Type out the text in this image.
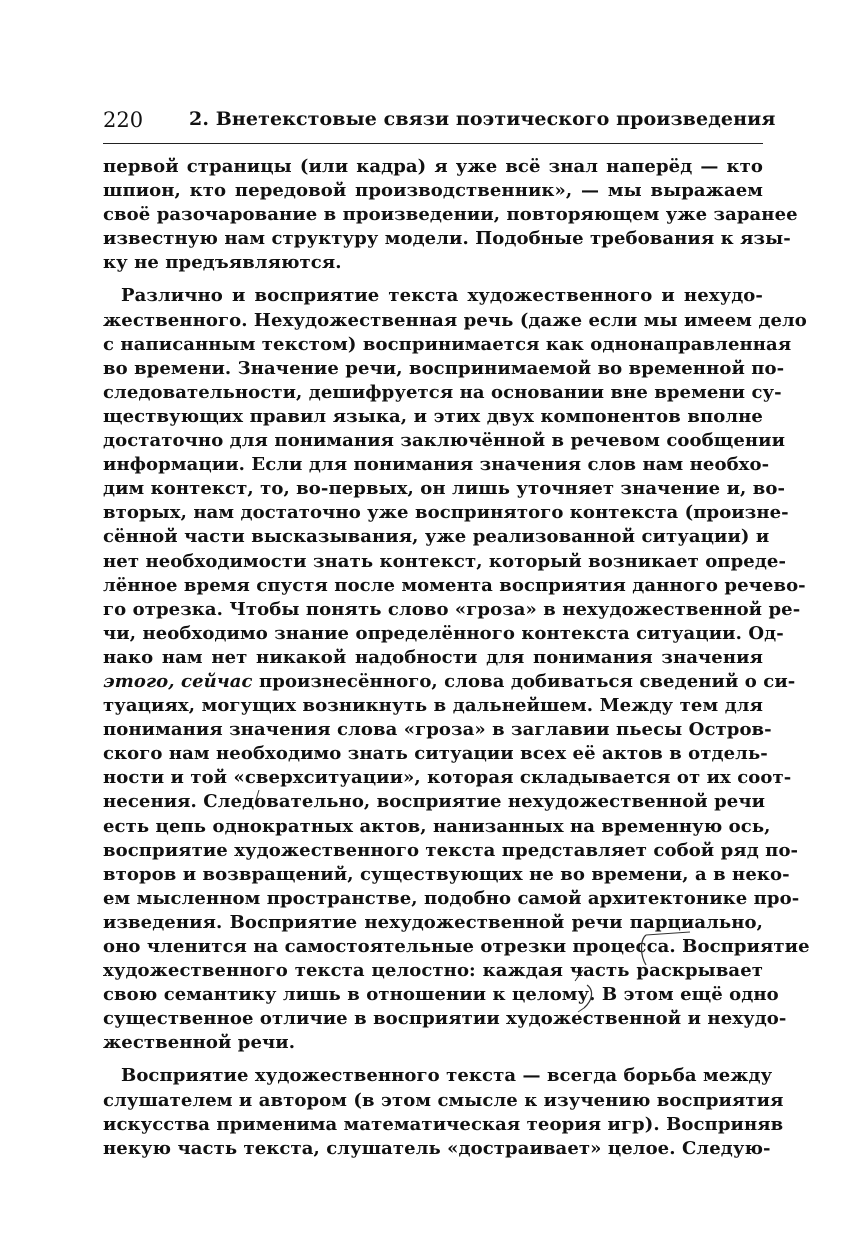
220 2. Внетекстовые связи поэтического произведения
первой страницы (или кадра) я уже всё знал наперёд — кто
шпион, кто передовой производственник», — мы выражаем
своё разочарование в произведении, повторяющем уже заранее
известную нам структуру модели. Подобные требования к язы-
ку не предъявляются.
Различно и восприятие текста художественного и нехудо-
жественного. Нехудожественная речь (даже если мы имеем дело
с написанным текстом) воспринимается как однонаправленная
во времени. Значение речи, воспринимаемой во временной по-
следовательности, дешифруется на основании вне времени су-
ществующих правил языка, и этих двух компонентов вполне
достаточно для понимания заключённой в речевом сообщении
информации. Если для понимания значения слов нам необхо-
дим контекст, то, во-первых, он лишь уточняет значение и, во-
вторых, нам достаточно уже воспринятого контекста (произне-
сённой части высказывания, уже реализованной ситуации) и
нет необходимости знать контекст, который возникает опреде-
лённое время спустя после момента восприятия данного речево-
го отрезка. Чтобы понять слово «гроза» в нехудожественной ре-
чи, необходимо знание определённого контекста ситуации. Од-
нако нам нет никакой надобности для понимания значения
этого, сейчас произнесённого, слова добиваться сведений о си-
туациях, могущих возникнуть в дальнейшем. Между тем для
понимания значения слова «гроза» в заглавии пьесы Остров-
ского нам необходимо знать ситуации всех её актов в отдель-
ности и той «сверхситуации», которая складывается от их соот-
несения. Следовательно, восприятие нехудожественной речи
есть цепь однократных актов, нанизанных на временную ось,
восприятие художественного текста представляет собой ряд по-
второв и возвращений, существующих не во времени, а в неко-
ем мысленном пространстве, подобно самой архитектонике про-
изведения. Восприятие нехудожественной речи парциально,
оно членится на самостоятельные отрезки процесса. Восприятие
художественного текста целостно: каждая часть раскрывает
свою семантику лишь в отношении к целому. В этом ещё одно
существенное отличие в восприятии художественной и нехудо-
жественной речи.
Восприятие художественного текста — всегда борьба между
слушателем и автором (в этом смысле к изучению восприятия
искусства применима математическая теория игр). Восприняв
некую часть текста, слушатель «достраивает» целое. Следую-
